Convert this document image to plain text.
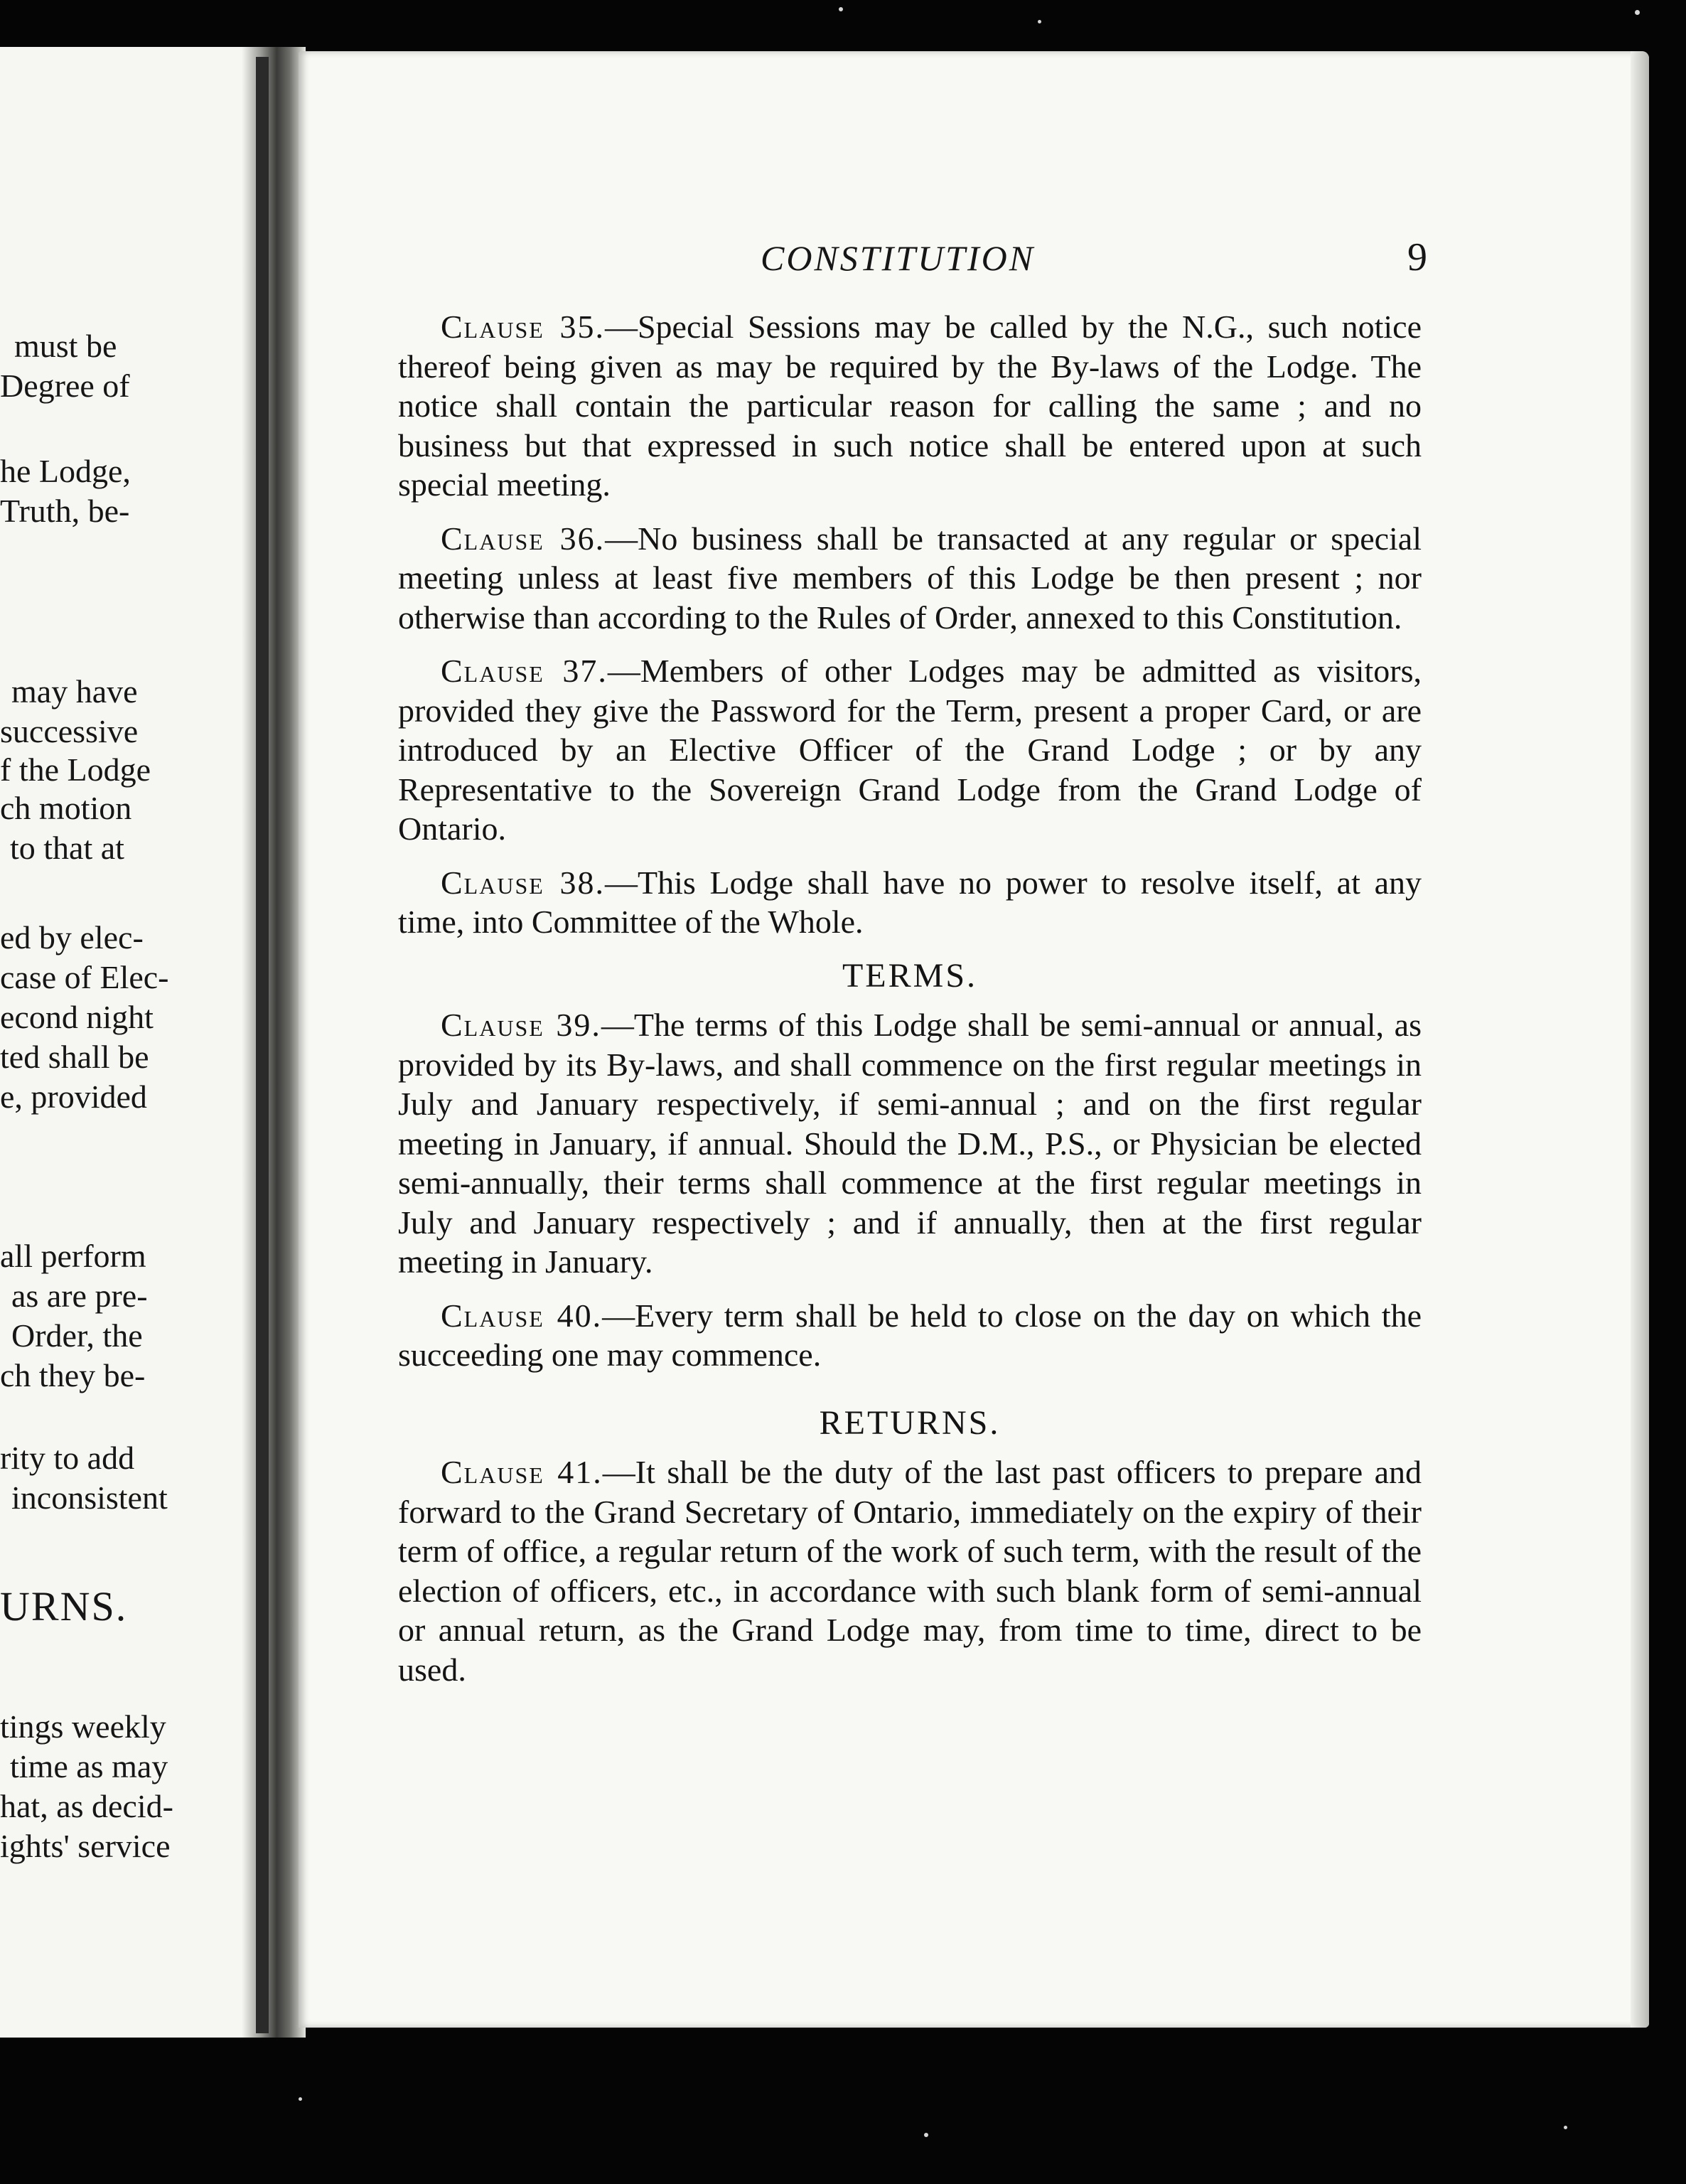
must be
Degree of
he Lodge,
Truth, be-
may have
successive
f the Lodge
ch motion
to that at
ed by elec-
case of Elec-
econd night
ted shall be
e, provided
all perform
as are pre-
Order, the
ch they be-
rity to add
inconsistent
URNS.
tings weekly
time as may
hat, as decid-
ights' service
CONSTITUTION	9

Clause 35.—Special Sessions may be called by the N.G., such notice thereof being given as may be required by the By-laws of the Lodge. The notice shall contain the particular reason for calling the same ; and no business but that expressed in such notice shall be entered upon at such special meeting.

Clause 36.—No business shall be transacted at any regular or special meeting unless at least five members of this Lodge be then present ; nor otherwise than according to the Rules of Order, annexed to this Constitution.

Clause 37.—Members of other Lodges may be admitted as visitors, provided they give the Password for the Term, present a proper Card, or are introduced by an Elective Officer of the Grand Lodge ; or by any Representative to the Sovereign Grand Lodge from the Grand Lodge of Ontario.

Clause 38.—This Lodge shall have no power to resolve itself, at any time, into Committee of the Whole.

TERMS.

Clause 39.—The terms of this Lodge shall be semi-annual or annual, as provided by its By-laws, and shall commence on the first regular meetings in July and January respectively, if semi-annual ; and on the first regular meeting in January, if annual. Should the D.M., P.S., or Physician be elected semi-annually, their terms shall commence at the first regular meetings in July and January respectively ; and if annually, then at the first regular meeting in January.

Clause 40.—Every term shall be held to close on the day on which the succeeding one may commence.

RETURNS.

Clause 41.—It shall be the duty of the last past officers to prepare and forward to the Grand Secretary of Ontario, immediately on the expiry of their term of office, a regular return of the work of such term, with the result of the election of officers, etc., in accordance with such blank form of semi-annual or annual return, as the Grand Lodge may, from time to time, direct to be used.
